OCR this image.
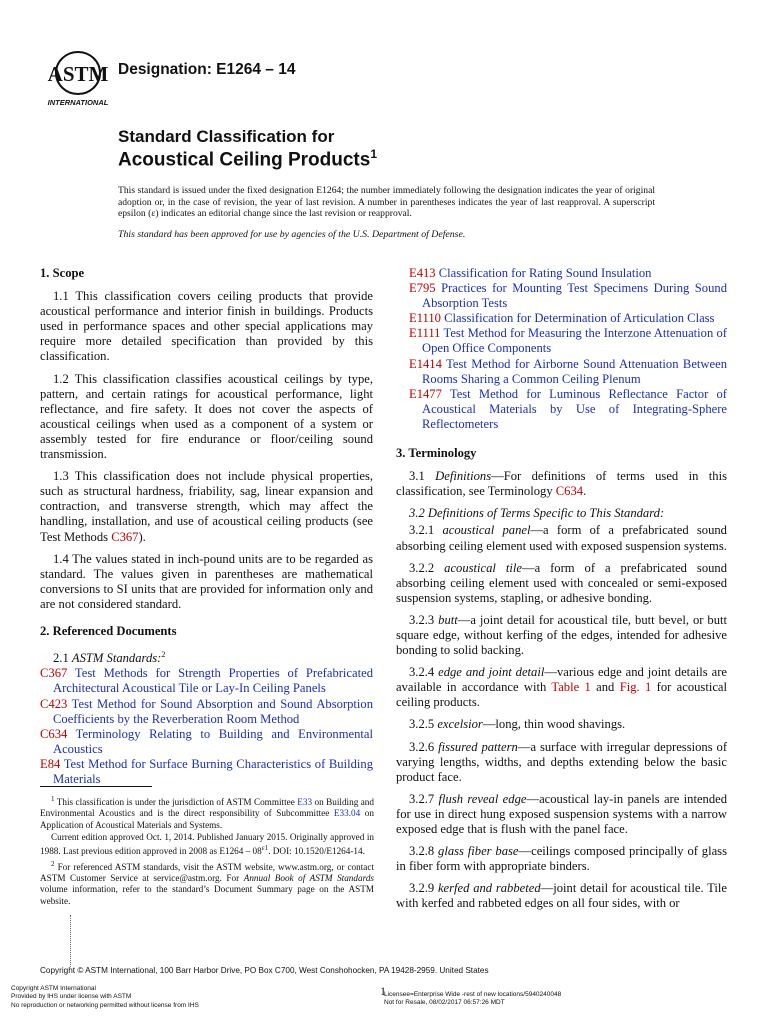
ASTM
INTERNATIONAL
Designation: E1264 – 14
Standard Classification for
Acoustical Ceiling Products$^1$
This standard is issued under the fixed designation E1264; the number immediately following the designation indicates the year of original adoption or, in the case of revision, the year of last revision. A number in parentheses indicates the year of last reapproval. A superscript epsilon (ε) indicates an editorial change since the last revision or reapproval.
This standard has been approved for use by agencies of the U.S. Department of Defense.
1. Scope

1.1 This classification covers ceiling products that provide acoustical performance and interior finish in buildings. Products used in performance spaces and other special applications may require more detailed specification than provided by this classification.

1.2 This classification classifies acoustical ceilings by type, pattern, and certain ratings for acoustical performance, light reflectance, and fire safety. It does not cover the aspects of acoustical ceilings when used as a component of a system or assembly tested for fire endurance or floor/ceiling sound transmission.

1.3 This classification does not include physical properties, such as structural hardness, friability, sag, linear expansion and contraction, and transverse strength, which may affect the handling, installation, and use of acoustical ceiling products (see Test Methods C367).

1.4 The values stated in inch-pound units are to be regarded as standard. The values given in parentheses are mathematical conversions to SI units that are provided for information only and are not considered standard.

2. Referenced Documents

2.1 ASTM Standards:$^2$

C367 Test Methods for Strength Properties of Prefabricated Architectural Acoustical Tile or Lay-In Ceiling Panels
C423 Test Method for Sound Absorption and Sound Absorption Coefficients by the Reverberation Room Method
C634 Terminology Relating to Building and Environmental Acoustics
E84 Test Method for Surface Burning Characteristics of Building Materials

$^1$ This classification is under the jurisdiction of ASTM Committee E33 on Building and Environmental Acoustics and is the direct responsibility of Subcommittee E33.04 on Application of Acoustical Materials and Systems.

Current edition approved Oct. 1, 2014. Published January 2015. Originally approved in 1988. Last previous edition approved in 2008 as $E1264 - 08^{\varepsilon 1}$. DOI: 10.1520/E1264-14.

$^2$ For referenced ASTM standards, visit the ASTM website, www.astm.org, or contact ASTM Customer Service at service@astm.org. For Annual Book of ASTM Standards volume information, refer to the standard’s Document Summary page on the ASTM website.

E413 Classification for Rating Sound Insulation
E795 Practices for Mounting Test Specimens During Sound Absorption Tests
E1110 Classification for Determination of Articulation Class
E1111 Test Method for Measuring the Interzone Attenuation of Open Office Components
E1414 Test Method for Airborne Sound Attenuation Between Rooms Sharing a Common Ceiling Plenum
E1477 Test Method for Luminous Reflectance Factor of Acoustical Materials by Use of Integrating-Sphere Reflectometers
3. Terminology

3.1 Definitions—For definitions of terms used in this classification, see Terminology C634.

3.2 Definitions of Terms Specific to This Standard:

3.2.1 acoustical panel—a form of a prefabricated sound absorbing ceiling element used with exposed suspension systems.

3.2.2 acoustical tile—a form of a prefabricated sound absorbing ceiling element used with concealed or semi-exposed suspension systems, stapling, or adhesive bonding.

3.2.3 butt—a joint detail for acoustical tile, butt bevel, or butt square edge, without kerfing of the edges, intended for adhesive bonding to solid backing.

3.2.4 edge and joint detail—various edge and joint details are available in accordance with Table 1 and Fig. 1 for acoustical ceiling products.

3.2.5 excelsior—long, thin wood shavings.

3.2.6 fissured pattern—a surface with irregular depressions of varying lengths, widths, and depths extending below the basic product face.

3.2.7 flush reveal edge—acoustical lay-in panels are intended for use in direct hung exposed suspension systems with a narrow exposed edge that is flush with the panel face.

3.2.8 glass fiber base—ceilings composed principally of glass in fiber form with appropriate binders.

3.2.9 kerfed and rabbeted—joint detail for acoustical tile. Tile with kerfed and rabbeted edges on all four sides, with or

Copyright © ASTM International, 100 Barr Harbor Drive, PO Box C700, West Conshohocken, PA 19428-2959. United States
1
Copyright ASTM International
Provided by IHS under license with ASTM
No reproduction or networking permitted without license from IHS
Licensee=Enterprise Wide -rest of new locations/5940240048
Not for Resale, 08/02/2017 06:57:26 MDT
